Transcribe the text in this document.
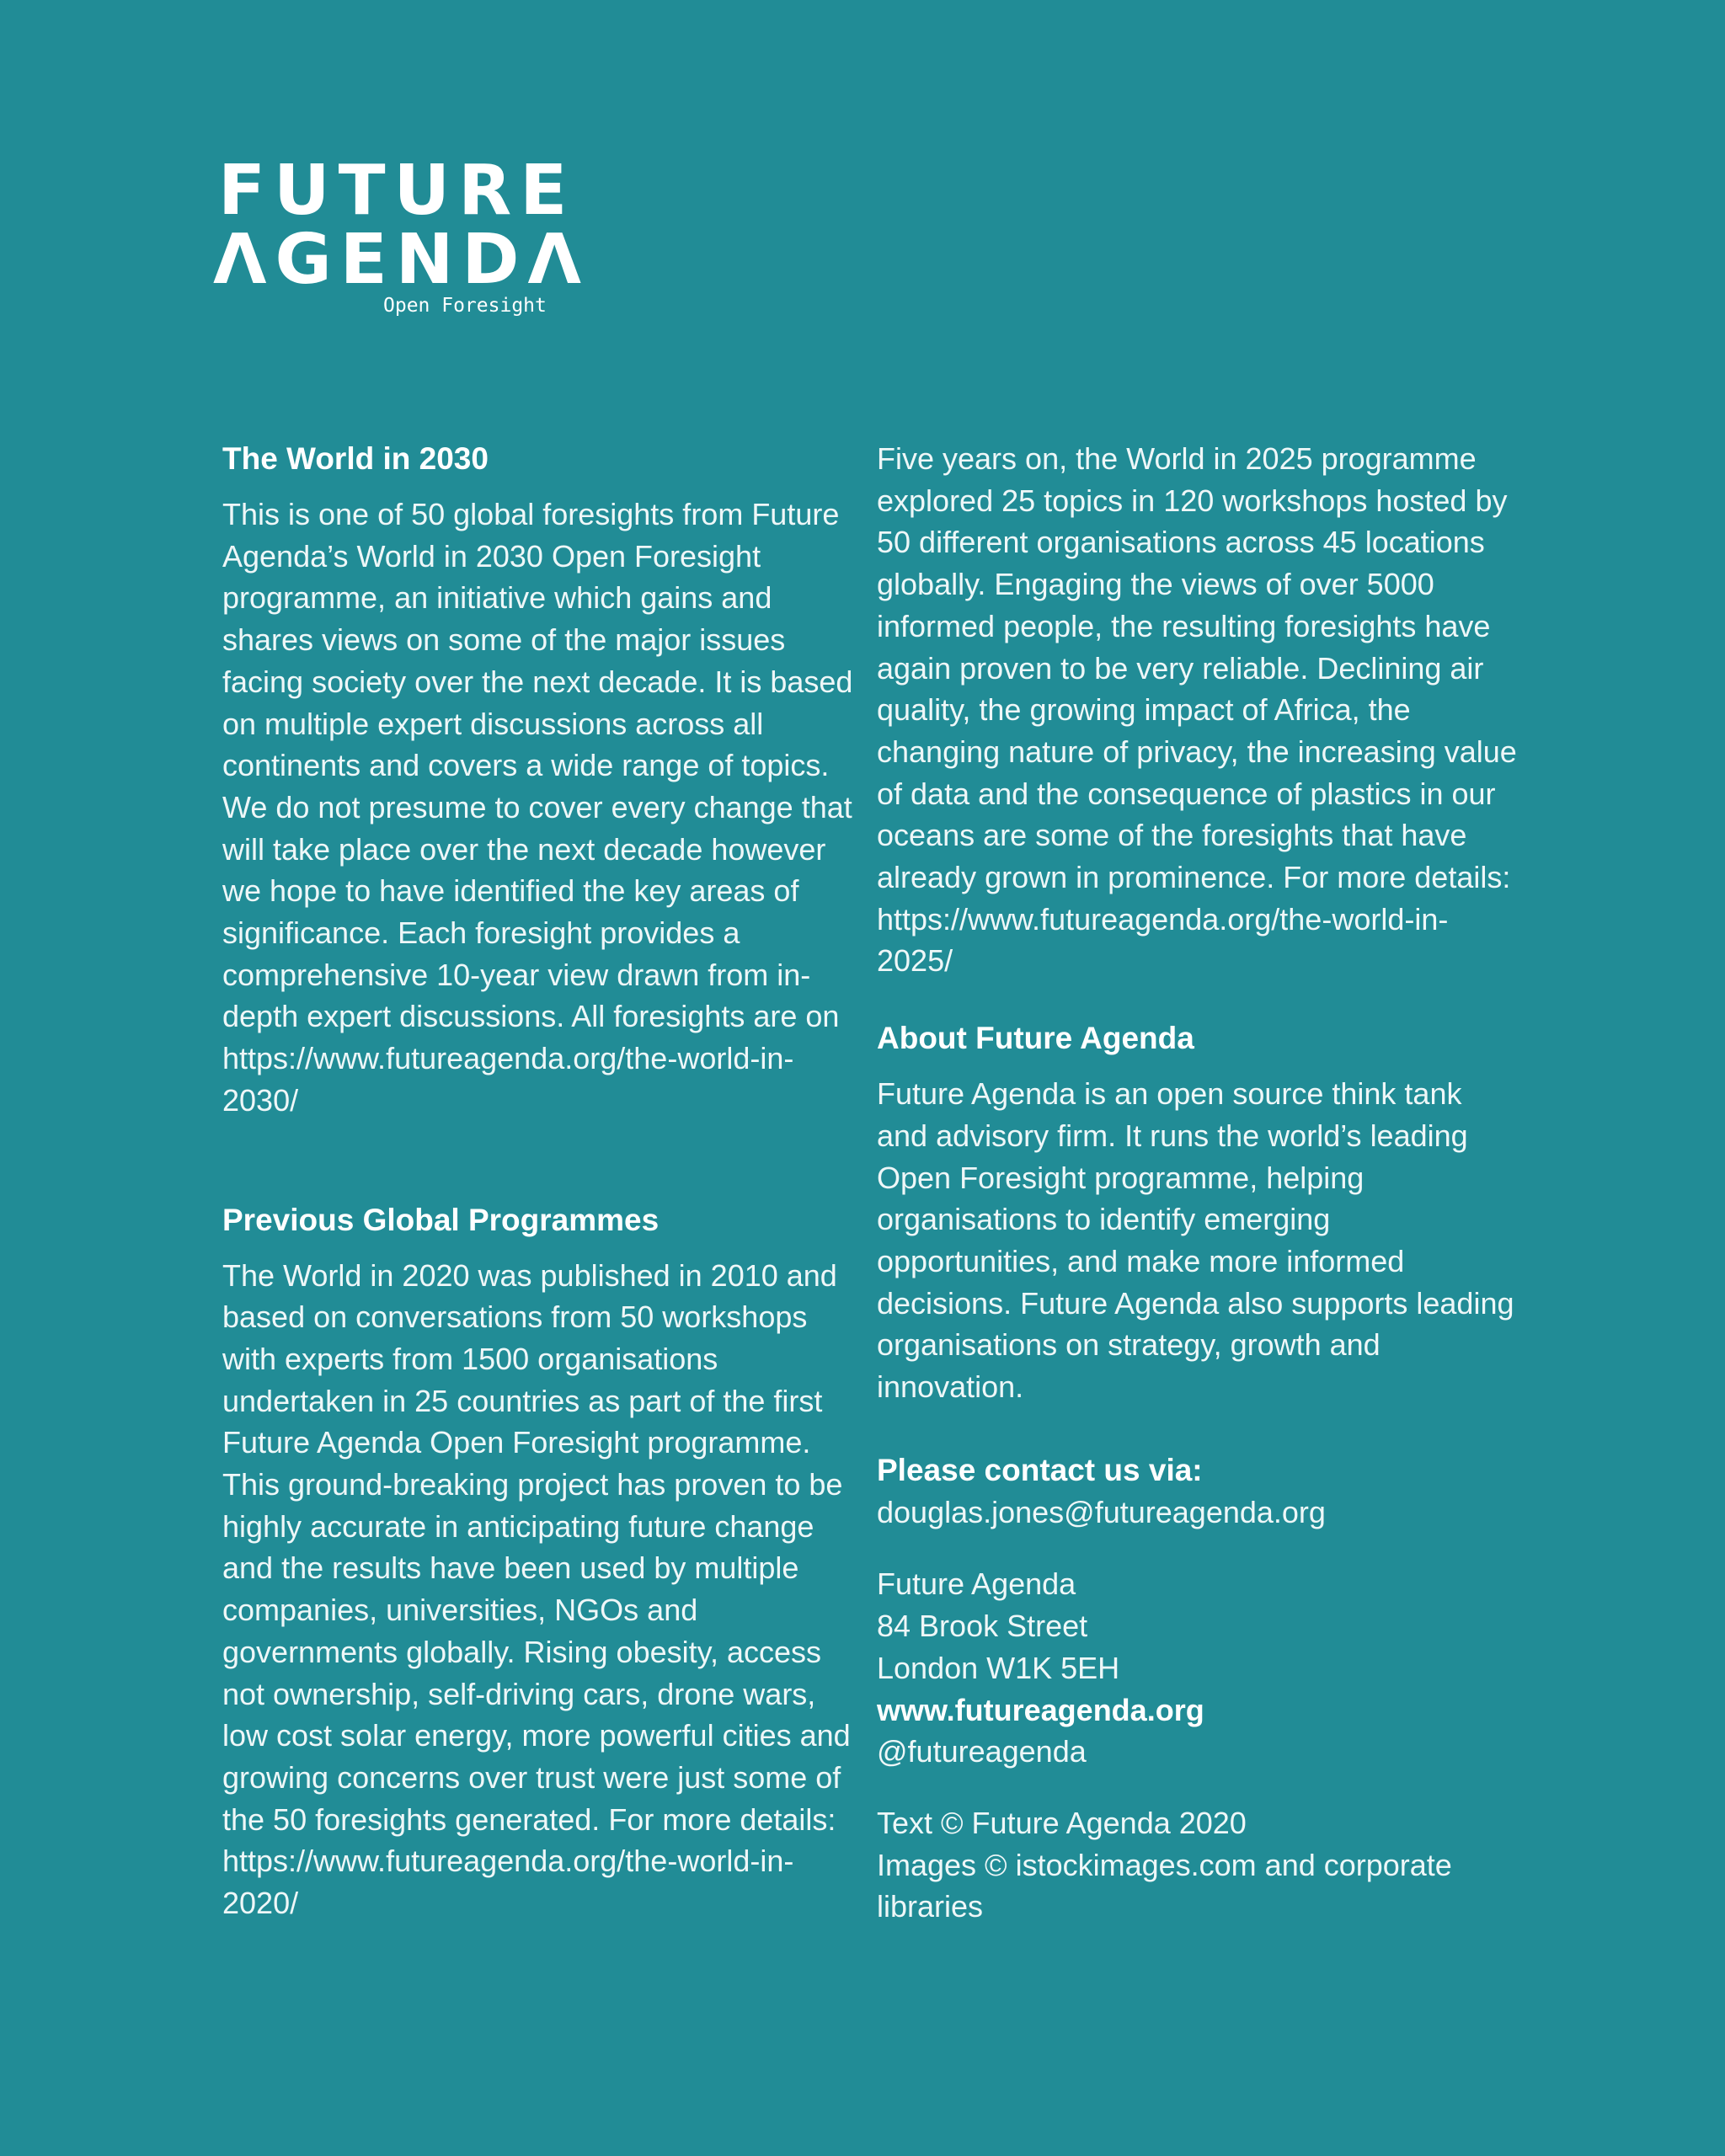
FUTURE
ΛGENDΛ
Open Foresight
The World in 2030

This is one of 50 global foresights from Future Agenda’s World in 2030 Open Foresight programme, an initiative which gains and shares views on some of the major issues facing society over the next decade. It is based on multiple expert discussions across all continents and covers a wide range of topics. We do not presume to cover every change that will take place over the next decade however we hope to have identified the key areas of significance. Each foresight provides a comprehensive 10-year view drawn from in-depth expert discussions. All foresights are on https://www.futureagenda.org/the-world-in-2030/

Previous Global Programmes

The World in 2020 was published in 2010 and based on conversations from 50 workshops with experts from 1500 organisations undertaken in 25 countries as part of the first Future Agenda Open Foresight programme. This ground-breaking project has proven to be highly accurate in anticipating future change and the results have been used by multiple companies, universities, NGOs and governments globally. Rising obesity, access not ownership, self-driving cars, drone wars, low cost solar energy, more powerful cities and growing concerns over trust were just some of the 50 foresights generated. For more details: https://www.futureagenda.org/the-world-in-2020/

Five years on, the World in 2025 programme explored 25 topics in 120 workshops hosted by 50 different organisations across 45 locations globally. Engaging the views of over 5000 informed people, the resulting foresights have again proven to be very reliable. Declining air quality, the growing impact of Africa, the changing nature of privacy, the increasing value of data and the consequence of plastics in our oceans are some of the foresights that have already grown in prominence. For more details: https://www.futureagenda.org/the-world-in-2025/

About Future Agenda

Future Agenda is an open source think tank and advisory firm. It runs the world’s leading Open Foresight programme, helping organisations to identify emerging opportunities, and make more informed decisions. Future Agenda also supports leading organisations on strategy, growth and innovation.

Please contact us via:

douglas.jones@futureagenda.org

Future Agenda

84 Brook Street

London W1K 5EH

www.futureagenda.org

@futureagenda

Text © Future Agenda 2020

Images © istockimages.com and corporate libraries
